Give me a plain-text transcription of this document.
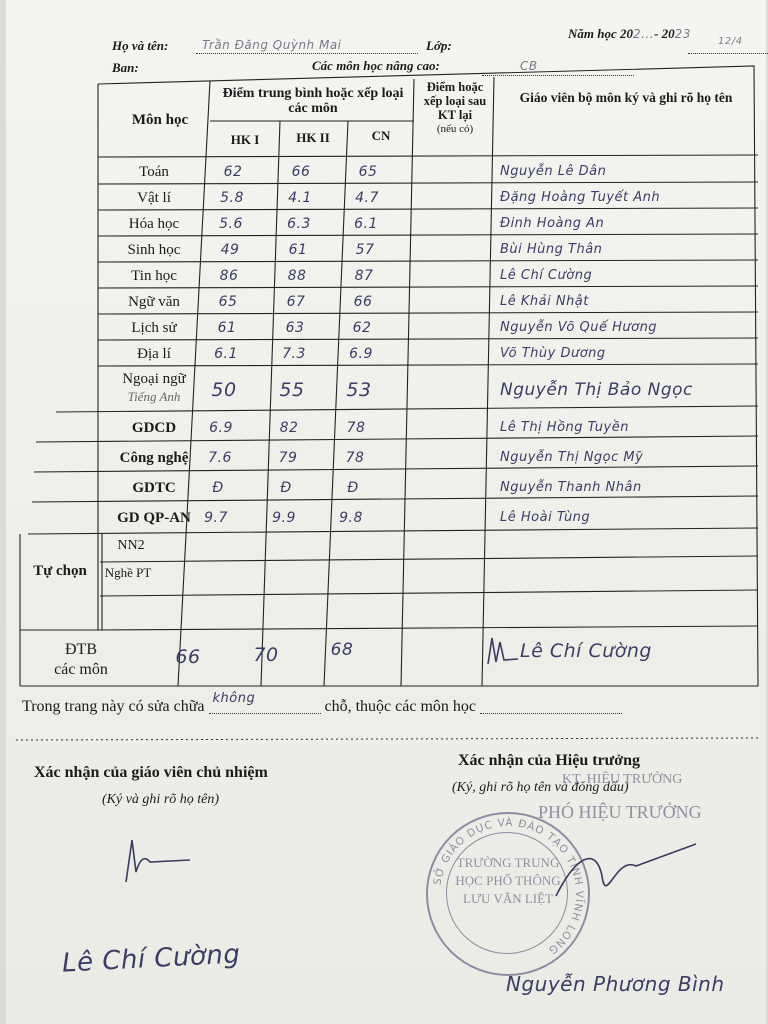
Họ và tên:	Trần Đăng Quỳnh Mai
	Lớp:	12/4

Năm học 202...- 2023
Ban:	CB

Các môn học nâng cao:
Môn học
Điểm trung bình hoặc xếp loại các môn
HK I	HK II	CN
Điểm hoặc xếp loại sau KT lại
(nếu có)
Giáo viên bộ môn ký và ghi rõ họ tên
Toán	62	66	65	Nguyễn Lê Dân
Vật lí	5.8	4.1	4.7	Đặng Hoàng Tuyết Anh
Hóa học	5.6	6.3	6.1	Đinh Hoàng An
Sinh học	49	61	57	Bùi Hùng Thân
Tin học	86	88	87	Lê Chí Cường
Ngữ văn	65	67	66	Lê Khải Nhật
Lịch sử	61	63	62	Nguyễn Võ Quế Hương
Địa lí	6.1	7.3	6.9	Võ Thùy Dương
Ngoại ngữ
Tiếng Anh	50	55	53	Nguyễn Thị Bảo Ngọc
GDCD	6.9	82	78	Lê Thị Hồng Tuyền
Công nghệ	7.6	79	78	Nguyễn Thị Ngọc Mỹ
GDTC	Đ	Đ	Đ	Nguyễn Thanh Nhân
GD QP-AN 9.7	9.9	9.8	Lê Hoài Tùng
Tự chọn
NN2
Nghề PT
ĐTB
các môn
66	70	68	Lê Chí Cường
Trong trang này có sửa chữa không	chỗ, thuộc các môn học
Xác nhận của giáo viên chủ nhiệm
(Ký và ghi rõ họ tên)
Lê Chí Cường
Xác nhận của Hiệu trưởng
(Ký, ghi rõ họ tên và đóng dấu)
KT. HIỆU TRƯỞNG
PHÓ HIỆU TRƯỞNG
TRƯỜNG TRUNG HỌC PHỔ THÔNG LƯU VĂN LIỆT
SỞ GIÁO DỤC VÀ ĐÀO TẠO TỈNH VĨNH LONG
Nguyễn Phương Bình
